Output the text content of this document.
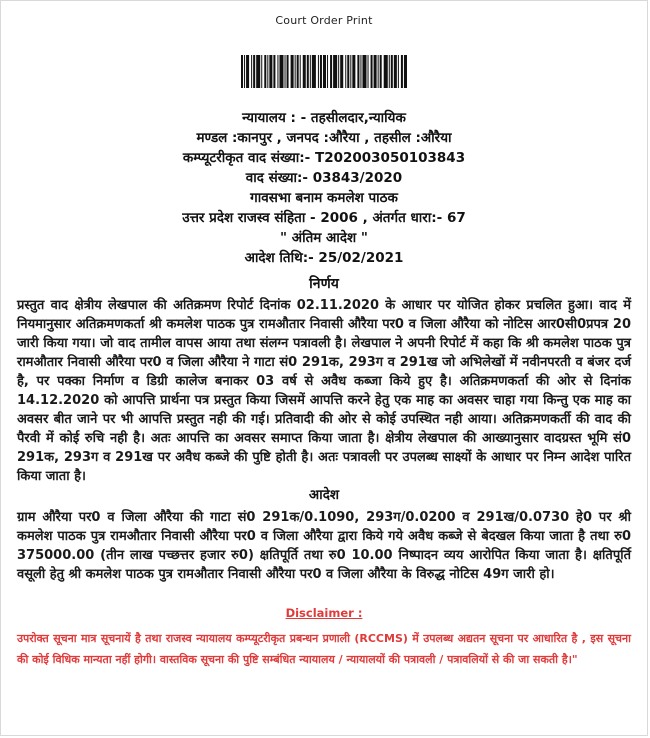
Court Order Print
न्यायालय : - तहसीलदार,न्यायिक
मण्डल :कानपुर , जनपद :औरैया , तहसील :औरैया
कम्प्यूटरीकृत वाद संख्या:- T202003050103843
वाद संख्या:- 03843/2020
गावसभा बनाम कमलेश पाठक
उत्तर प्रदेश राजस्व संहिता - 2006 , अंतर्गत धारा:- 67
" अंतिम आदेश "
आदेश तिथि:- 25/02/2021
निर्णय
प्रस्तुत वाद क्षेत्रीय लेखपाल की अतिक्रमण रिपोर्ट दिनांक 02.11.2020 के आधार पर योजित होकर प्रचलित हुआ। वाद में नियमानुसार अतिक्रमणकर्ता श्री कमलेश पाठक पुत्र रामऔतार निवासी औरैया पर0 व जिला औरैया को नोटिस आर0सी0प्रपत्र 20 जारी किया गया। जो वाद तामील वापस आया तथा संलग्न पत्रावली है। लेखपाल ने अपनी रिपोर्ट में कहा कि श्री कमलेश पाठक पुत्र रामऔतार निवासी औरैया पर0 व जिला औरैया ने गाटा सं0 291क, 293ग व 291ख जो अभिलेखों में नवीनपरती व बंजर दर्ज है, पर पक्का निर्माण व डिग्री कालेज बनाकर 03 वर्ष से अवैध कब्जा किये हुए है। अतिक्रमणकर्ता की ओर से दिनांक 14.12.2020 को आपत्ति प्रार्थना पत्र प्रस्तुत किया जिसमें आपत्ति करने हेतु एक माह का अवसर चाहा गया किन्तु एक माह का अवसर बीत जाने पर भी आपत्ति प्रस्तुत नही की गई। प्रतिवादी की ओर से कोई उपस्थित नही आया। अतिक्रमणकर्ती की वाद की पैरवी में कोई रुचि नही है। अतः आपत्ति का अवसर समाप्त किया जाता है। क्षेत्रीय लेखपाल की आख्यानुसार वादग्रस्त भूमि सं0 291क, 293ग व 291ख पर अवैध कब्जे की पुष्टि होती है। अतः पत्रावली पर उपलब्ध साक्ष्यों के आधार पर निम्न आदेश पारित किया जाता है।
आदेश
ग्राम औरैया पर0 व जिला औरैया की गाटा सं0 291क/0.1090, 293ग/0.0200 व 291ख/0.0730 हे0 पर श्री कमलेश पाठक पुत्र रामऔतार निवासी औरैया पर0 व जिला औरैया द्वारा किये गये अवैध कब्जे से बेदखल किया जाता है तथा रु0 375000.00 (तीन लाख पच्छत्तर हजार रु0) क्षतिपूर्ति तथा रु0 10.00 निष्पादन व्यय आरोपित किया जाता है। क्षतिपूर्ति वसूली हेतु श्री कमलेश पाठक पुत्र रामऔतार निवासी औरैया पर0 व जिला औरैया के विरुद्ध नोटिस 49ग जारी हो।
Disclaimer :
उपरोक्त सूचना मात्र सूचनायें है तथा राजस्व न्यायालय कम्प्यूटरीकृत प्रबन्धन प्रणाली (RCCMS) में उपलब्ध अद्यतन सूचना पर आधारित है , इस सूचना की कोई विधिक मान्यता नहीं होगी। वास्तविक सूचना की पुष्टि सम्बंधित न्यायालय / न्यायालयों की पत्रावली / पत्रावलियों से की जा सकती है।"
